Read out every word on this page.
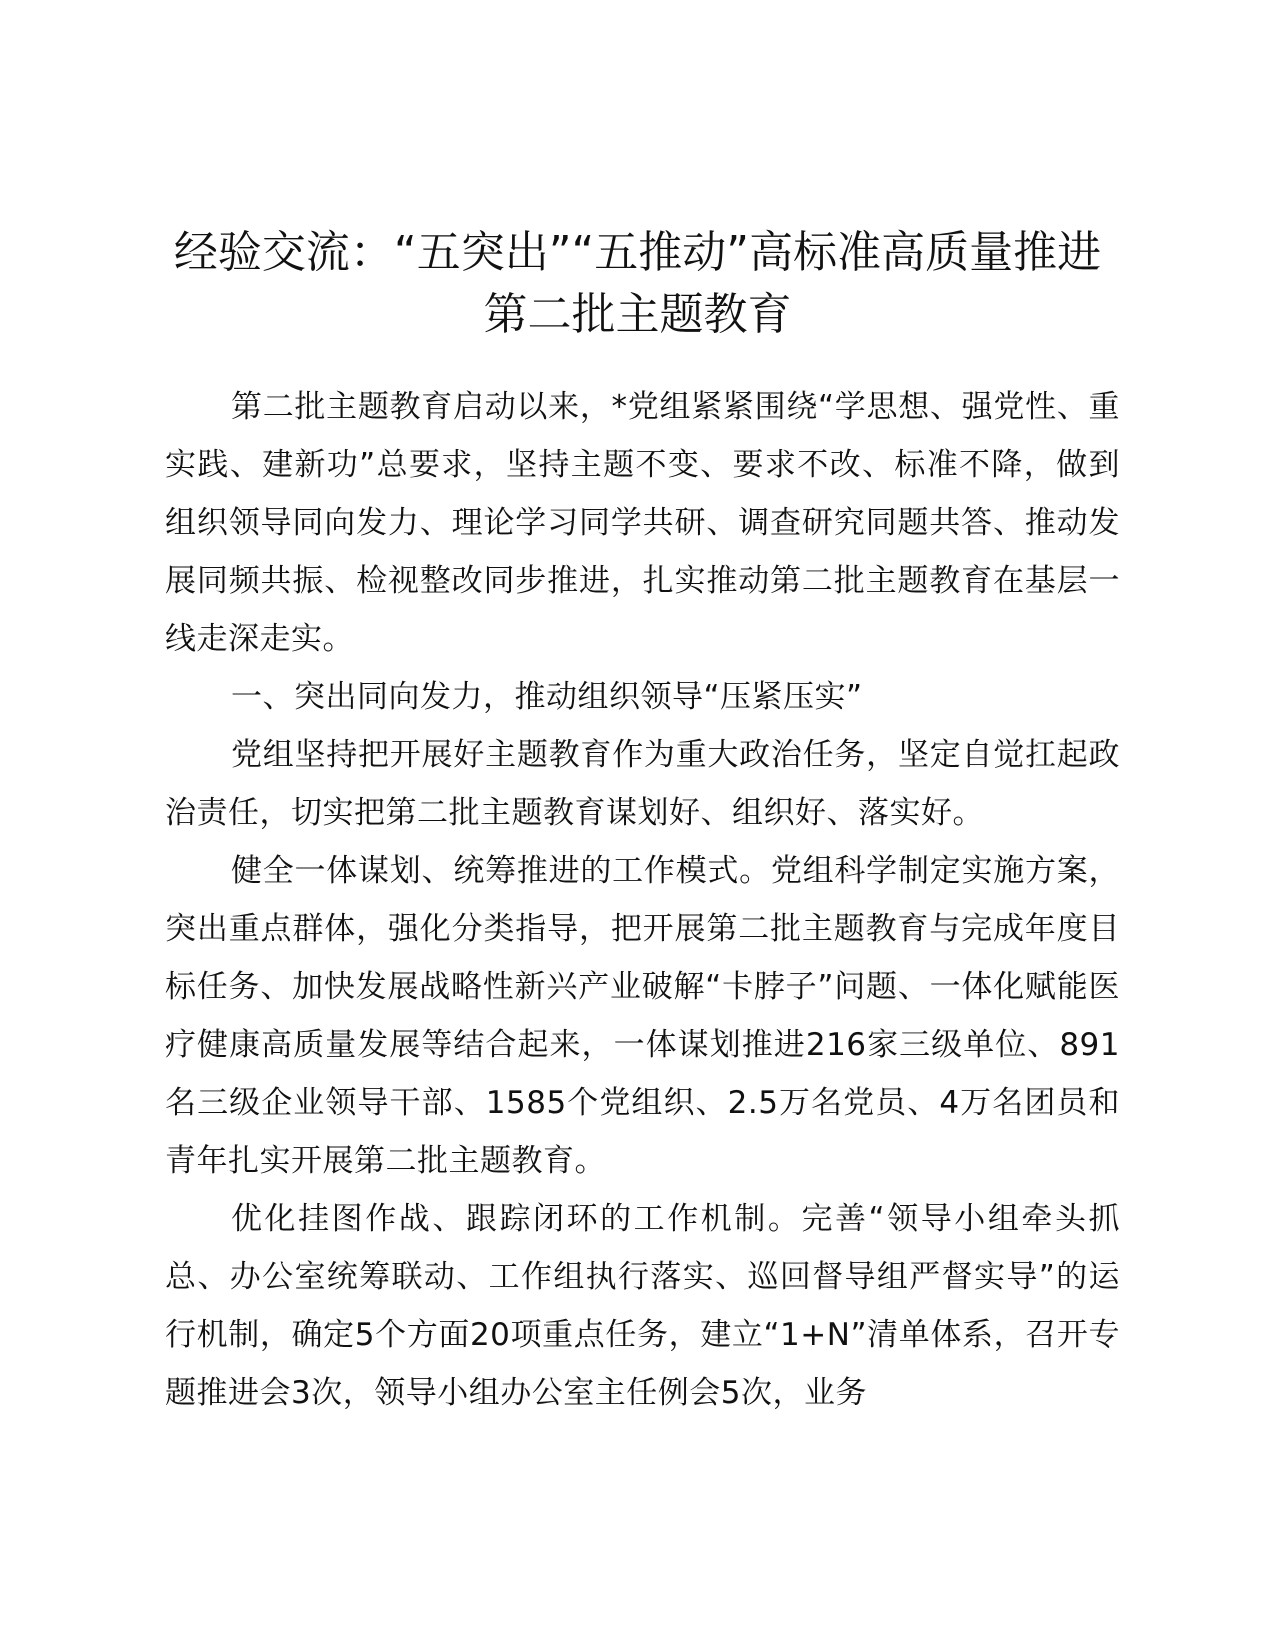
经验交流：“五突出”“五推动”高标准高质量推进第二批主题教育

第二批主题教育启动以来，*党组紧紧围绕“学思想、强党性、重实践、建新功”总要求，坚持主题不变、要求不改、标准不降，做到组织领导同向发力、理论学习同学共研、调查研究同题共答、推动发展同频共振、检视整改同步推进，扎实推动第二批主题教育在基层一线走深走实。

一、突出同向发力，推动组织领导“压紧压实”

党组坚持把开展好主题教育作为重大政治任务，坚定自觉扛起政治责任，切实把第二批主题教育谋划好、组织好、落实好。

健全一体谋划、统筹推进的工作模式。党组科学制定实施方案，突出重点群体，强化分类指导，把开展第二批主题教育与完成年度目标任务、加快发展战略性新兴产业破解“卡脖子”问题、一体化赋能医疗健康高质量发展等结合起来，一体谋划推进216家三级单位、891名三级企业领导干部、1585个党组织、2.5万名党员、4万名团员和青年扎实开展第二批主题教育。

优化挂图作战、跟踪闭环的工作机制。完善“领导小组牵头抓总、办公室统筹联动、工作组执行落实、巡回督导组严督实导”的运行机制，确定5个方面20项重点任务，建立“1+N”清单体系，召开专题推进会3次，领导小组办公室主任例会5次，业务
